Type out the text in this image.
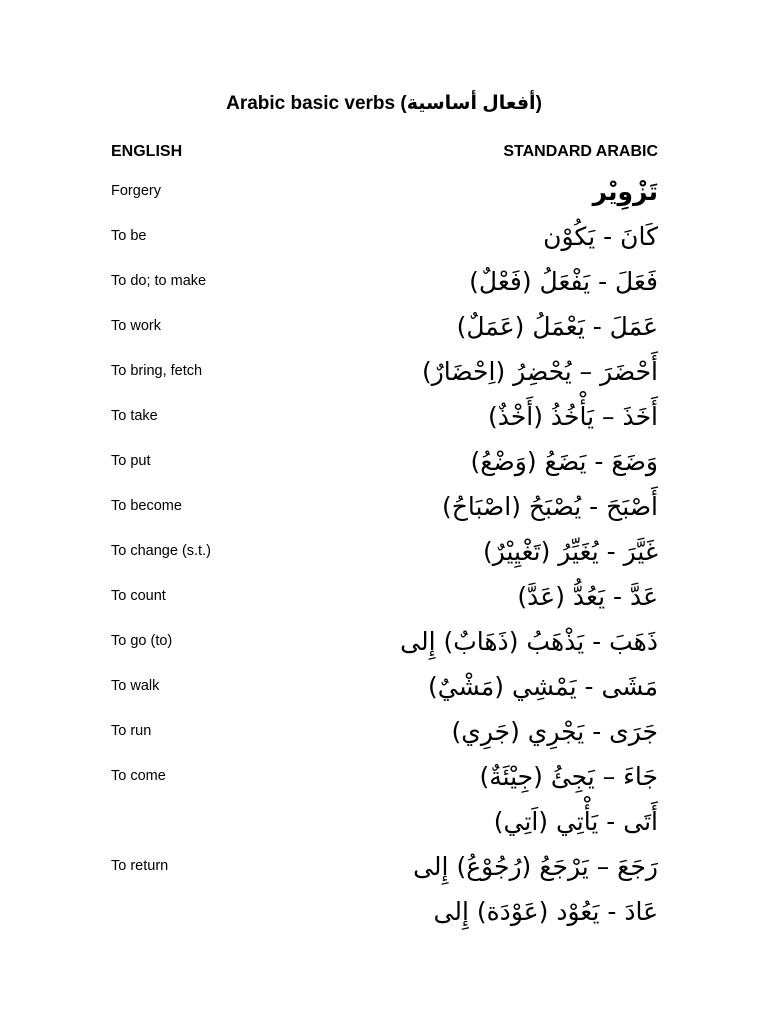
Arabic basic verbs (أفعال أساسية)
ENGLISH	STANDARD ARABIC
Forgery	تَزْوِيْر
To be	كَانَ - يَكُوْن
To do; to make	فَعَلَ - يَفْعَلُ (فَعْلٌ)
To work	عَمَلَ - يَعْمَلُ (عَمَلٌ)
To bring, fetch	أَحْضَرَ – يُحْضِرُ (اِحْضَارٌ)
To take	أَخَذَ – يَأْخُذُ (أَخْذٌ)
To put	وَضَعَ - يَضَعُ (وَضْعُ)
To become	أَصْبَحَ - يُصْبَحُ (اصْبَاحُ)
To change (s.t.)	غَيَّرَ - يُغَيِّرُ (تَغْيِيْرٌ)
To count	عَدَّ - يَعُدُّ (عَدَّ)
To go (to)	ذَهَبَ - يَذْهَبُ (ذَهَابٌ) إِلى
To walk	مَشَى - يَمْشِي (مَشْيٌ)
To run	جَرَى - يَجْرِي (جَرِي)
To come	جَاءَ – يَجِئُ (جِيْئَةٌ)
أَتَى - يَأْتِي (اَتِي)
To return	رَجَعَ – يَرْجَعُ (رُجُوْعُ) إِلى
عَادَ - يَعُوْد (عَوْدَة) إِلى
